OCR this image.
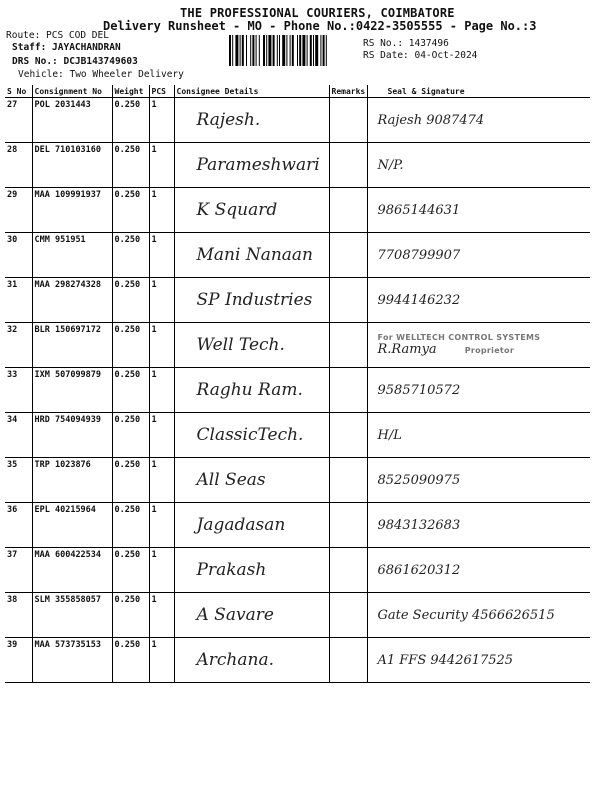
THE PROFESSIONAL COURIERS, COIMBATORE
Delivery Runsheet - MO - Phone No.:0422-3505555 - Page No.:3
Route: PCS COD DEL
Staff: JAYACHANDRAN
DRS No.: DCJB143749603
Vehicle: Two Wheeler Delivery
RS No.: 1437496
RS Date: 04-Oct-2024
S No	Consignment No	Weight	PCS	Consignee Details	Remarks	Seal & Signature
27	POL 2031443	0.250	1	Rajesh.		Rajesh 9087474
28	DEL 710103160	0.250	1	Parameshwari		N/P.
29	MAA 109991937	0.250	1	K Squard		9865144631
30	CMM 951951	0.250	1	Mani Nanaan		7708799907
31	MAA 298274328	0.250	1	SP Industries		9944146232
32	BLR 150697172	0.250	1	Well Tech.		For WELLTECH CONTROL SYSTEMS
R.Ramya Proprietor
33	IXM 507099879	0.250	1	Raghu Ram.		9585710572
34	HRD 754094939	0.250	1	ClassicTech.		H/L
35	TRP 1023876	0.250	1	All Seas		8525090975
36	EPL 40215964	0.250	1	Jagadasan		9843132683
37	MAA 600422534	0.250	1	Prakash		6861620312
38	SLM 355858057	0.250	1	A Savare		Gate Security 4566626515
39	MAA 573735153	0.250	1	Archana.		A1 FFS 9442617525
